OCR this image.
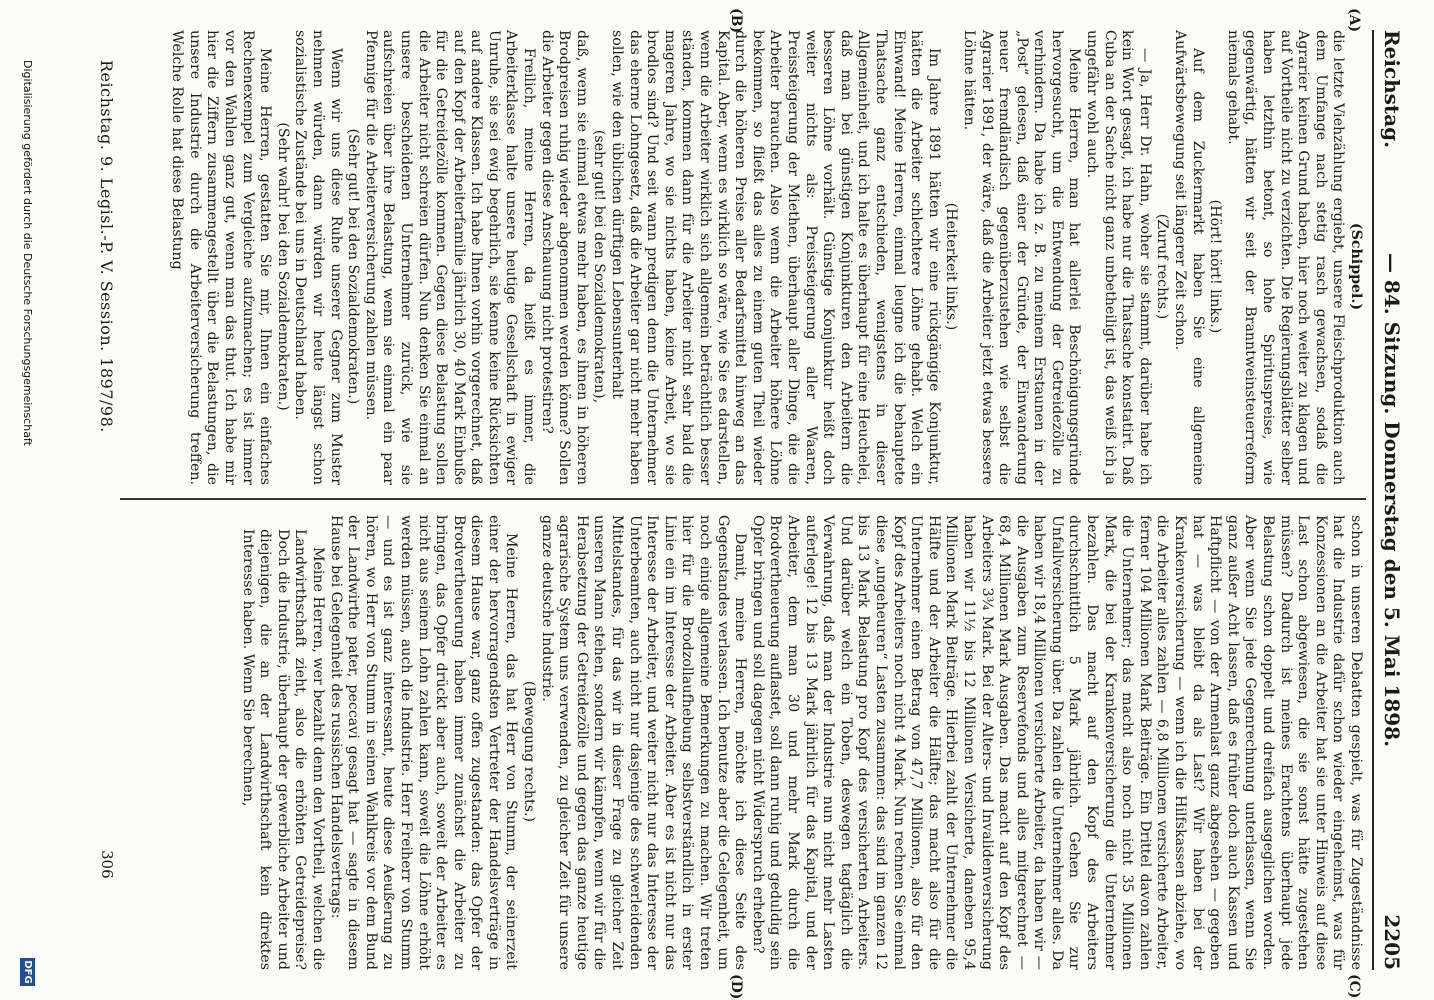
Reichstag.
— 84. Sitzung. Donnerstag den 5. Mai 1898.
2205
(A)
(B)
(C)
(D)

(Schippel.)

die letzte Viehzählung ergiebt, unsere Fleischproduktion auch dem Umfange nach stetig rasch gewachsen, sodaß die Agrarier keinen Grund haben, hier noch weiter zu klagen und auf Vortheile nicht zu verzichten. Die Regierungsblätter selber haben letzthin betont, so hohe Spirituspreise, wie gegenwärtig, hätten wir seit der Branntweinsteuerreform niemals gehabt.

(Hört! hört! links.)

Auf dem Zuckermarkt haben Sie eine allgemeine Aufwärtsbewegung seit längerer Zeit schon.

(Zuruf rechts.)

— Ja, Herr Dr. Hahn, woher sie stammt, darüber habe ich kein Wort gesagt, ich habe nur die Thatsache konstatirt. Daß Cuba an der Sache nicht ganz unbetheiligt ist, das weiß ich ja ungefähr wohl auch.

Meine Herren, man hat allerlei Beschönigungsgründe hervorgesucht, um die Entwendung der Getreidezölle zu verhindern. Da habe ich z. B. zu meinem Erstaunen in der „Post“ gelesen, daß einer der Gründe, der Einwanderung neuer fremdländisch gegenüberzustehen wie selbst die Agrarier 1891, der wäre, daß die Arbeiter jetzt etwas bessere Löhne hätten.

(Heiterkeit links.)

Im Jahre 1891 hätten wir eine rückgängige Konjunktur, hätten die Arbeiter schlechtere Löhne gehabt. Welch ein Einwand! Meine Herren, einmal leugne ich die behauptete Thatsache ganz entschieden, wenigstens in dieser Allgemeinheit, und ich halte es überhaupt für eine Heuchelei, daß man bei günstigen Konjunkturen den Arbeitern die besseren Löhne vorhält. Günstige Konjunktur heißt doch weiter nichts als: Preissteigerung aller Waaren, Preissteigerung der Miethen, überhaupt aller Dinge, die die Arbeiter brauchen. Also wenn die Arbeiter höhere Löhne bekommen, so fließt das alles zu einem guten Theil wieder durch die höheren Preise aller Bedarfsmittel hinweg an das Kapital. Aber, wenn es wirklich so wäre, wie Sie es darstellen, wenn die Arbeiter wirklich sich allgemein beträchtlich besser ständen, kommen dann für die Arbeiter nicht sehr bald die mageren Jahre, wo sie nichts haben, keine Arbeit, wo sie brodlos sind? Und seit wann predigen denn die Unternehmer das eherne Lohngesetz, daß die Arbeiter gar nicht mehr haben sollen, wie den üblichen dürftigen Lebensunterhalt

(sehr gut! bei den Sozialdemokraten),

daß, wenn sie einmal etwas mehr haben, es ihnen in höheren Brodpreisen ruhig wieder abgenommen werden könne? Sollen die Arbeiter gegen diese Anschauung nicht protestiren?

Freilich, meine Herren, da heißt es immer, die Arbeiterklasse halte unsere heutige Gesellschaft in ewiger Unruhe, sie sei ewig begehrlich, sie kenne keine Rücksichten auf andere Klassen. Ich habe Ihnen vorhin vorgerechnet, daß auf den Kopf der Arbeiterfamilie jährlich 30, 40 Mark Einbuße für die Getreidezölle kommen. Gegen diese Belastung sollen die Arbeiter nicht schreien dürfen. Nun denken Sie einmal an unsere bescheidenen Unternehmer zurück, wie sie aufschreien über ihre Belastung, wenn sie einmal ein paar Pfennige für die Arbeiterversicherung zahlen müssen.

(Sehr gut! bei den Sozialdemokraten.)

Wenn wir uns diese Ruhe unserer Gegner zum Muster nehmen würden, dann würden wir heute längst schon sozialistische Zustände bei uns in Deutschland haben.

(Sehr wahr! bei den Sozialdemokraten.)

Meine Herren, gestatten Sie mir, Ihnen ein einfaches Rechenexempel zum Vergleiche aufzumachen; es ist immer vor den Wahlen ganz gut, wenn man das thut. Ich habe mir hier die Ziffern zusammengestellt über die Belastungen, die unsere Industrie durch die Arbeiterversicherung treffen. Welche Rolle hat diese Belastung

schon in unseren Debatten gespielt, was für Zugeständnisse hat die Industrie dafür schon wieder eingeheimst, was für Konzessionen an die Arbeiter hat sie unter Hinweis auf diese Last schon abgewiesen, die sie sonst hätte zugestehen müssen? Dadurch ist meines Erachtens überhaupt jede Belastung schon doppelt und dreifach ausgeglichen worden. Aber wenn Sie jede Gegenrechnung unterlassen, wenn Sie ganz außer Acht lassen, daß es früher doch auch Kassen und Haftpflicht — von der Armenlast ganz abgesehen — gegeben hat — was bleibt da als Last? Wir haben bei der Krankenversicherung — wenn ich die Hilfskassen abziehe, wo die Arbeiter alles zahlen — 6,8 Millionen versicherte Arbeiter, ferner 104 Millionen Mark Beiträge. Ein Drittel davon zahlen die Unternehmer; das macht also noch nicht 35 Millionen Mark, die bei der Krankenversicherung die Unternehmer bezahlen. Das macht auf den Kopf des Arbeiters durchschnittlich 5 Mark jährlich. Gehen Sie zur Unfallversicherung über. Da zahlen die Unternehmer alles. Da haben wir 18,4 Millionen versicherte Arbeiter, da haben wir — die Ausgaben zum Reservefonds und alles mitgerechnet — 68,4 Millionen Mark Ausgaben. Das macht auf den Kopf des Arbeiters 3¾ Mark. Bei der Alters- und Invalidenversicherung haben wir 11½ bis 12 Millionen Versicherte, daneben 95,4 Millionen Mark Beiträge. Hierbei zahlt der Unternehmer die Hälfte und der Arbeiter die Hälfte; das macht also für die Unternehmer einen Betrag von 47,7 Millionen, also für den Kopf des Arbeiters noch nicht 4 Mark. Nun rechnen Sie einmal diese „ungeheuren“ Lasten zusammen: das sind im ganzen 12 bis 13 Mark Belastung pro Kopf des versicherten Arbeiters. Und darüber welch ein Toben, deswegen tagtäglich die Verwahrung, daß man der Industrie nun nicht mehr Lasten auferlege! 12 bis 13 Mark jährlich für das Kapital, und der Arbeiter, dem man 30 und mehr Mark durch die Brodvertheuerung auflastet, soll dann ruhig und geduldig sein Opfer bringen und soll dagegen nicht Widerspruch erheben?

Damit, meine Herren, möchte ich diese Seite des Gegenstandes verlassen. Ich benutze aber die Gelegenheit, um noch einige allgemeine Bemerkungen zu machen. Wir treten hier für die Brodzollaufhebung selbstverständlich in erster Linie ein im Interesse der Arbeiter. Aber es ist nicht nur das Interesse der Arbeiter, und weiter nicht nur das Interesse der Unterbeamten, auch nicht nur dasjenige des schwerleidenden Mittelstandes, für das wir in dieser Frage zu gleicher Zeit unseren Mann stehen, sondern wir kämpfen, wenn wir für die Herabsetzung der Getreidezölle und gegen das ganze heutige agrarische System uns verwenden, zu gleicher Zeit für unsere ganze deutsche Industrie.

(Bewegung rechts.)

Meine Herren, das hat Herr von Stumm, der seinerzeit einer der hervorragendsten Vertreter der Handelsverträge in diesem Hause war, ganz offen zugestanden: das Opfer der Brodvertheuerung haben immer zunächst die Arbeiter zu bringen, das Opfer drückt aber auch, soweit der Arbeiter es nicht aus seinem Lohn zahlen kann, soweit die Löhne erhöht werden müssen, auch die Industrie. Herr Freiherr von Stumm — und es ist ganz interessant, heute diese Aeußerung zu hören, wo Herr von Stumm in seinen Wahlkreis vor dem Bund der Landwirthe pater, peccavi gesagt hat — sagte in diesem Hause bei Gelegenheit des russischen Handelsvertrags:

Meine Herren, wer bezahlt denn den Vortheil, welchen die Landwirthschaft zieht, also die erhöhten Getreidepreise? Doch die Industrie, überhaupt der gewerbliche Arbeiter und diejenigen, die an der Landwirthschaft kein direktes Interesse haben. Wenn Sie berechnen,

Reichstag. 9. Legisl.-P. V. Session. 1897/98.
306
Digitalisierung gefördert durch die Deutsche Forschungsgemeinschaft
DFG
